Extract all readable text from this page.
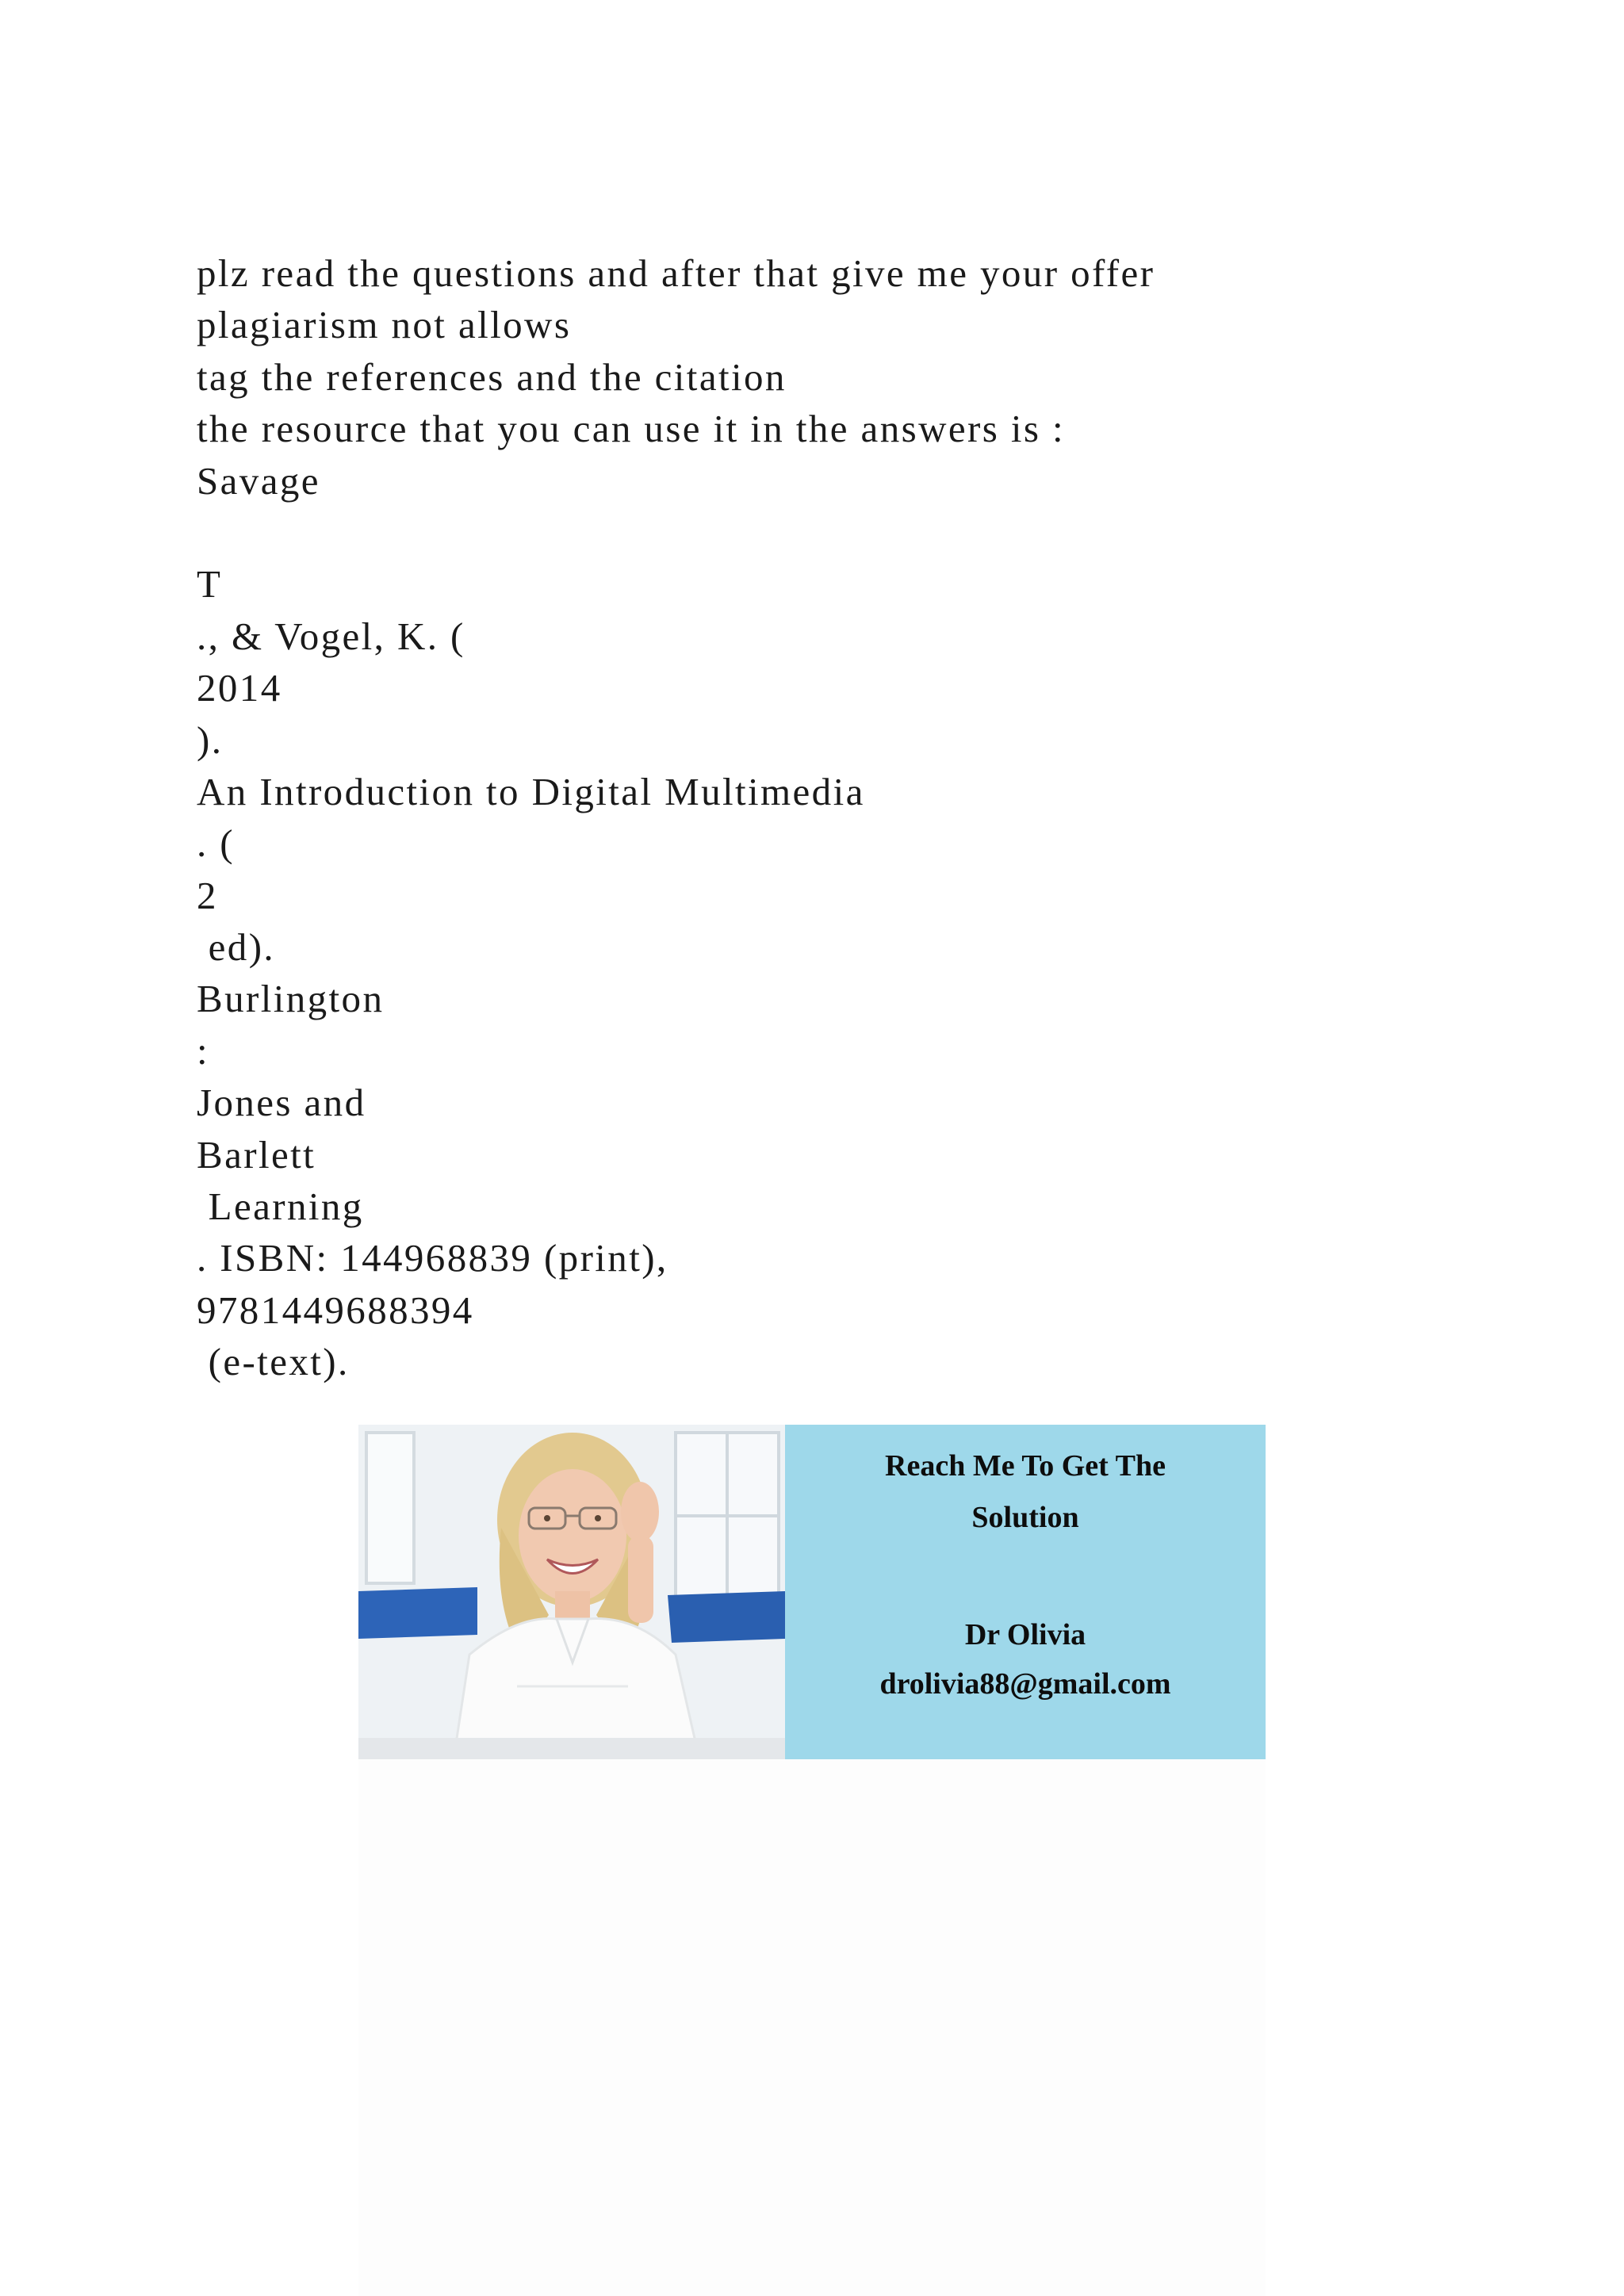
plz read the questions and after that give me your offer
plagiarism not allows
tag the references and the citation
the resource that you can use it in the answers is :
Savage
T
., & Vogel, K. (
2014
).
An Introduction to Digital Multimedia
. (
2
ed).
Burlington
:
Jones and
Barlett
Learning
. ISBN: 144968839 (print),
9781449688394
(e-text).
Reach Me To Get The
Solution
Dr Olivia
drolivia88@gmail.com
